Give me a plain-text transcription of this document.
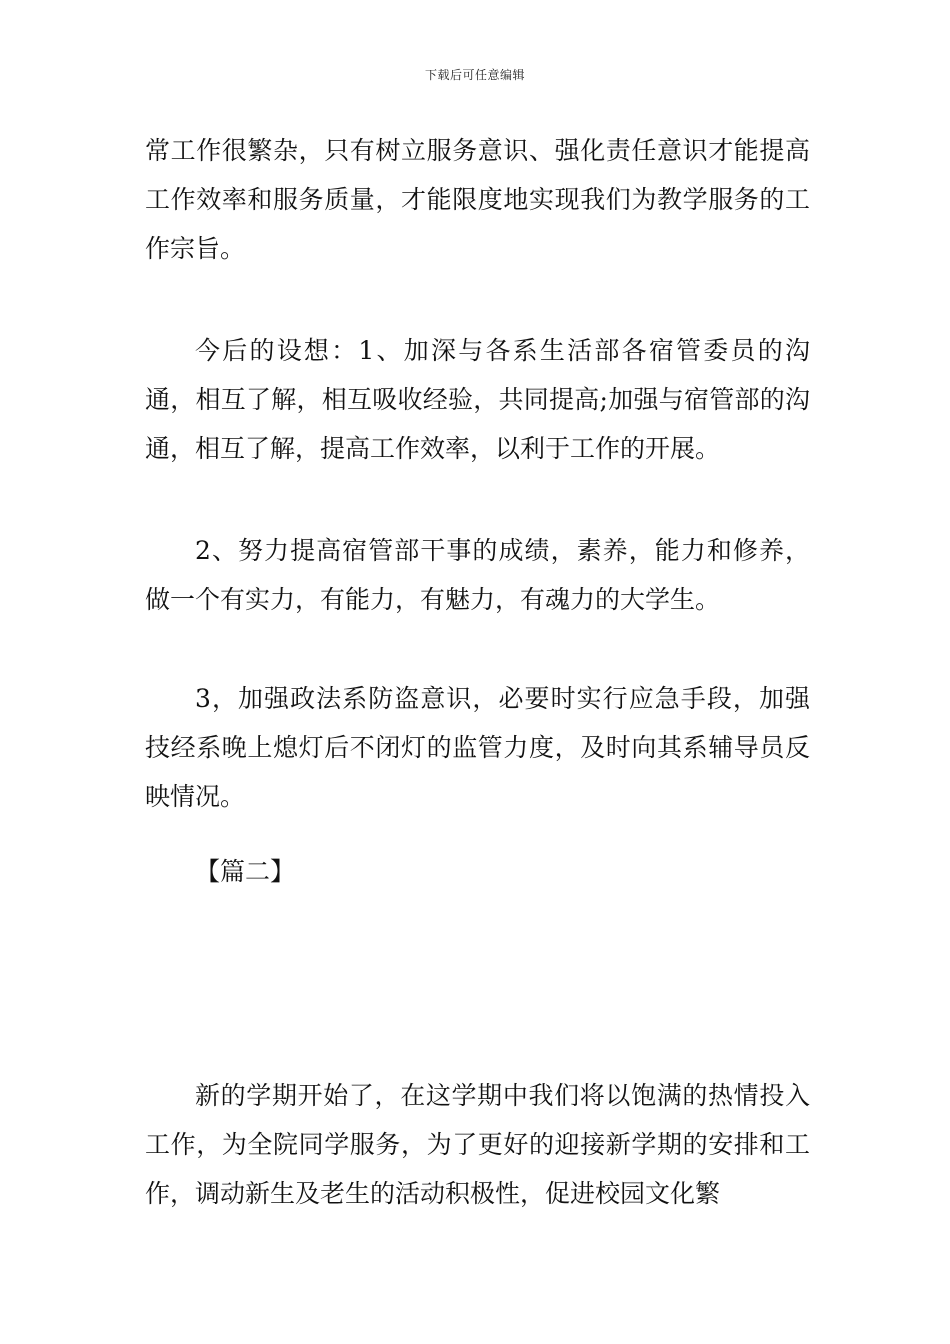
下载后可任意编辑

常工作很繁杂，只有树立服务意识、强化责任意识才能提高工作效率和服务质量，才能限度地实现我们为教学服务的工作宗旨。

今后的设想：1、加深与各系生活部各宿管委员的沟通，相互了解，相互吸收经验，共同提高;加强与宿管部的沟通，相互了解，提高工作效率，以利于工作的开展。

2、努力提高宿管部干事的成绩，素养，能力和修养，做一个有实力，有能力，有魅力，有魂力的大学生。

3，加强政法系防盗意识，必要时实行应急手段，加强技经系晚上熄灯后不闭灯的监管力度，及时向其系辅导员反映情况。

【篇二】

新的学期开始了，在这学期中我们将以饱满的热情投入工作，为全院同学服务，为了更好的迎接新学期的安排和工作，调动新生及老生的活动积极性，促进校园文化繁
